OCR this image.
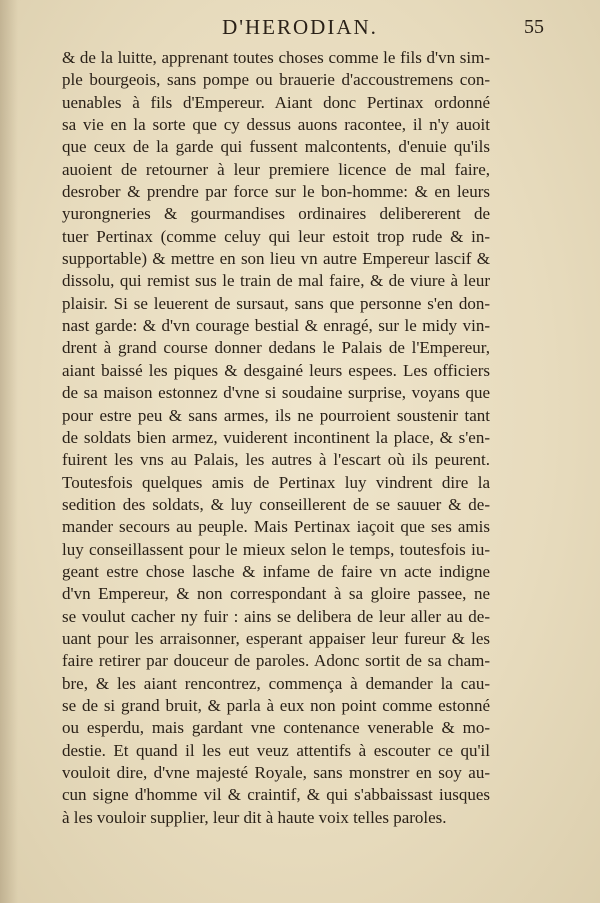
D'HERODIAN.	55
& de la luitte, apprenant toutes choses comme le fils d'vn sim-
ple bourgeois, sans pompe ou brauerie d'accoustremens con-
uenables à fils d'Empereur. Aiant donc Pertinax ordonné
sa vie en la sorte que cy dessus auons racontee, il n'y auoit
que ceux de la garde qui fussent malcontents, d'enuie qu'ils
auoient de retourner à leur premiere licence de mal faire,
desrober & prendre par force sur le bon-homme: & en leurs
yurongneries & gourmandises ordinaires delibererent de
tuer Pertinax (comme celuy qui leur estoit trop rude & in-
supportable) & mettre en son lieu vn autre Empereur lascif &
dissolu, qui remist sus le train de mal faire, & de viure à leur
plaisir. Si se leuerent de sursaut, sans que personne s'en don-
nast garde: & d'vn courage bestial & enragé, sur le midy vin-
drent à grand course donner dedans le Palais de l'Empereur,
aiant baissé les piques & desgainé leurs espees. Les officiers
de sa maison estonnez d'vne si soudaine surprise, voyans que
pour estre peu & sans armes, ils ne pourroient soustenir tant
de soldats bien armez, vuiderent incontinent la place, & s'en-
fuirent les vns au Palais, les autres à l'escart où ils peurent.
Toutesfois quelques amis de Pertinax luy vindrent dire la
sedition des soldats, & luy conseillerent de se sauuer & de-
mander secours au peuple. Mais Pertinax iaçoit que ses amis
luy conseillassent pour le mieux selon le temps, toutesfois iu-
geant estre chose lasche & infame de faire vn acte indigne
d'vn Empereur, & non correspondant à sa gloire passee, ne
se voulut cacher ny fuir : ains se delibera de leur aller au de-
uant pour les arraisonner, esperant appaiser leur fureur & les
faire retirer par douceur de paroles. Adonc sortit de sa cham-
bre, & les aiant rencontrez, commença à demander la cau-
se de si grand bruit, & parla à eux non point comme estonné
ou esperdu, mais gardant vne contenance venerable & mo-
destie. Et quand il les eut veuz attentifs à escouter ce qu'il
vouloit dire, d'vne majesté Royale, sans monstrer en soy au-
cun signe d'homme vil & craintif, & qui s'abbaissast iusques
à les vouloir supplier, leur dit à haute voix telles paroles.
